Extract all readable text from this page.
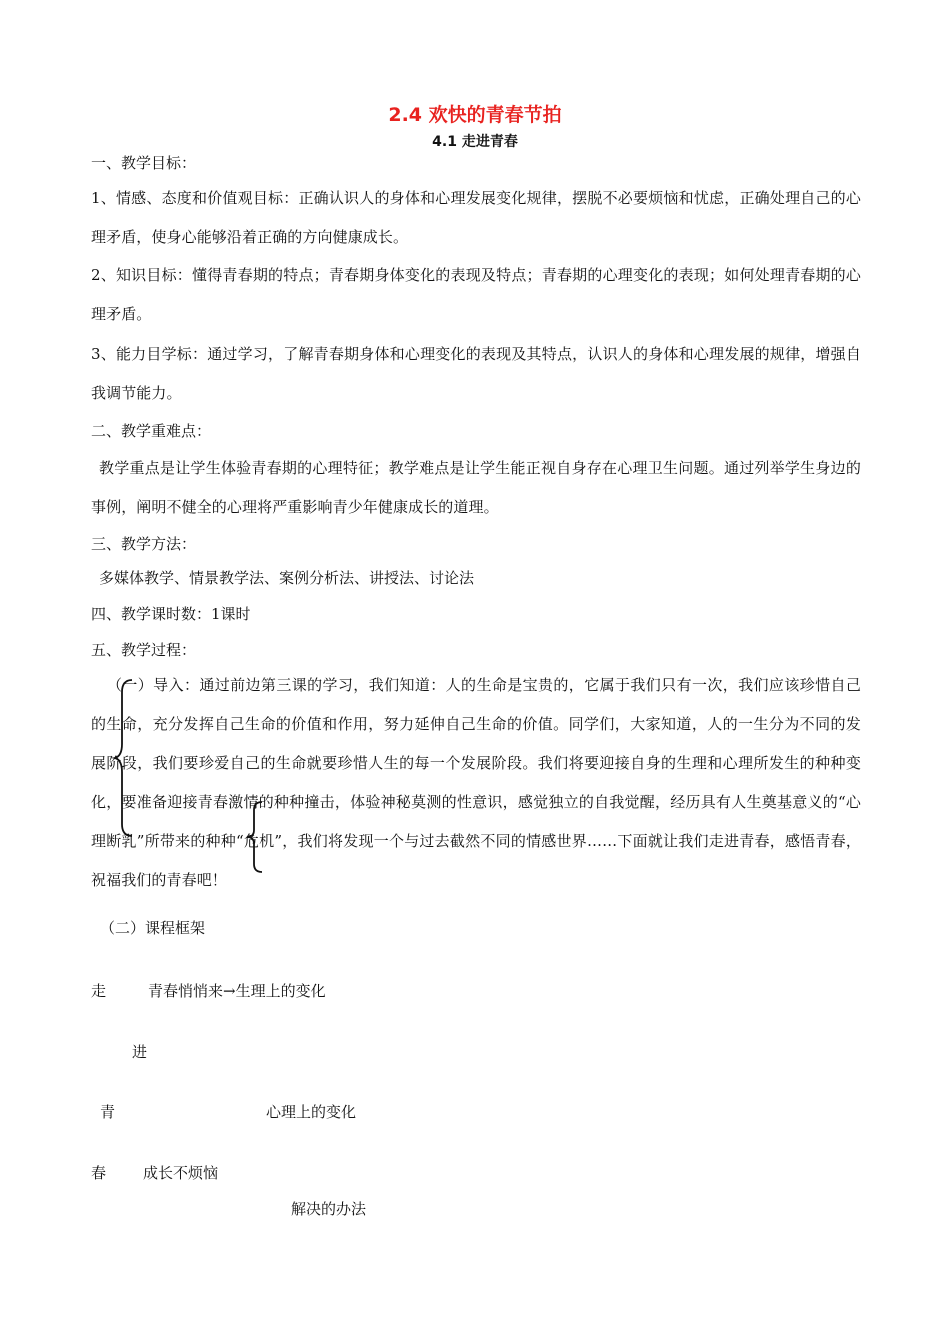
2.4 欢快的青春节拍
4.1 走进青春
一、教学目标：
1、情感、态度和价值观目标：正确认识人的身体和心理发展变化规律，摆脱不必要烦恼和忧虑，正确处理自己的心理矛盾，使身心能够沿着正确的方向健康成长。
2、知识目标：懂得青春期的特点；青春期身体变化的表现及特点；青春期的心理变化的表现；如何处理青春期的心理矛盾。
3、能力目学标：通过学习，了解青春期身体和心理变化的表现及其特点，认识人的身体和心理发展的规律，增强自我调节能力。
二、教学重难点：
教学重点是让学生体验青春期的心理特征；教学难点是让学生能正视自身存在心理卫生问题。通过列举学生身边的事例，阐明不健全的心理将严重影响青少年健康成长的道理。
三、教学方法：
多媒体教学、情景教学法、案例分析法、讲授法、讨论法
四、教学课时数：1课时
五、教学过程：
（一）导入：通过前边第三课的学习，我们知道：人的生命是宝贵的，它属于我们只有一次，我们应该珍惜自己的生命，充分发挥自己生命的价值和作用，努力延伸自己生命的价值。同学们，大家知道，人的一生分为不同的发展阶段，我们要珍爱自己的生命就要珍惜人生的每一个发展阶段。我们将要迎接自身的生理和心理所发生的种种变化，要准备迎接青春激情的种种撞击，体验神秘莫测的性意识，感觉独立的自我觉醒，经历具有人生奠基意义的“心理断乳”所带来的种种“危机”，我们将发现一个与过去截然不同的情感世界……下面就让我们走进青春，感悟青春，祝福我们的青春吧！
（二）课程框架
走	青春悄悄来→生理上的变化
进
青	心理上的变化
春 成长不烦恼
解决的办法
